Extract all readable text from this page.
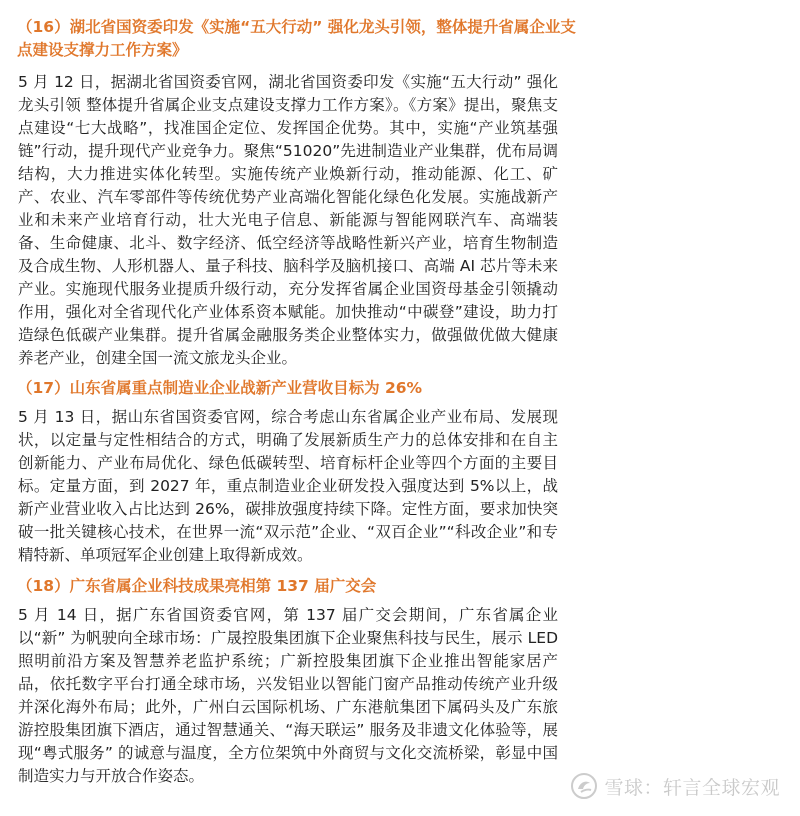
（16）湖北省国资委印发《实施“五大行动” 强化龙头引领，整体提升省属企业支点建设支撑力工作方案》

5 月 12 日，据湖北省国资委官网，湖北省国资委印发《实施“五大行动” 强化龙头引领 整体提升省属企业支点建设支撑力工作方案》。《方案》提出，聚焦支点建设“七大战略”，找准国企定位、发挥国企优势。其中，实施“产业筑基强链”行动，提升现代产业竞争力。聚焦“51020”先进制造业产业集群，优布局调结构，大力推进实体化转型。实施传统产业焕新行动，推动能源、化工、矿产、农业、汽车零部件等传统优势产业高端化智能化绿色化发展。实施战新产业和未来产业培育行动，壮大光电子信息、新能源与智能网联汽车、高端装备、生命健康、北斗、数字经济、低空经济等战略性新兴产业，培育生物制造及合成生物、人形机器人、量子科技、脑科学及脑机接口、高端 AI 芯片等未来产业。实施现代服务业提质升级行动，充分发挥省属企业国资母基金引领撬动作用，强化对全省现代化产业体系资本赋能。加快推动“中碳登”建设，助力打造绿色低碳产业集群。提升省属金融服务类企业整体实力，做强做优做大健康养老产业，创建全国一流文旅龙头企业。

（17）山东省属重点制造业企业战新产业营收目标为 26%

5 月 13 日，据山东省国资委官网，综合考虑山东省属企业产业布局、发展现状，以定量与定性相结合的方式，明确了发展新质生产力的总体安排和在自主创新能力、产业布局优化、绿色低碳转型、培育标杆企业等四个方面的主要目标。定量方面，到 2027 年，重点制造业企业研发投入强度达到 5%以上，战新产业营业收入占比达到 26%，碳排放强度持续下降。定性方面，要求加快突破一批关键核心技术，在世界一流“双示范”企业、“双百企业”“科改企业”和专精特新、单项冠军企业创建上取得新成效。

（18）广东省属企业科技成果亮相第 137 届广交会

5 月 14 日，据广东省国资委官网，第 137 届广交会期间，广东省属企业以“新” 为帆驶向全球市场：广晟控股集团旗下企业聚焦科技与民生，展示 LED 照明前沿方案及智慧养老监护系统；广新控股集团旗下企业推出智能家居产品，依托数字平台打通全球市场，兴发铝业以智能门窗产品推动传统产业升级并深化海外布局；此外，广州白云国际机场、广东港航集团下属码头及广东旅游控股集团旗下酒店，通过智慧通关、“海天联运” 服务及非遗文化体验等，展现“粤式服务” 的诚意与温度，全方位架筑中外商贸与文化交流桥梁，彰显中国制造实力与开放合作姿态。

雪球：轩言全球宏观
